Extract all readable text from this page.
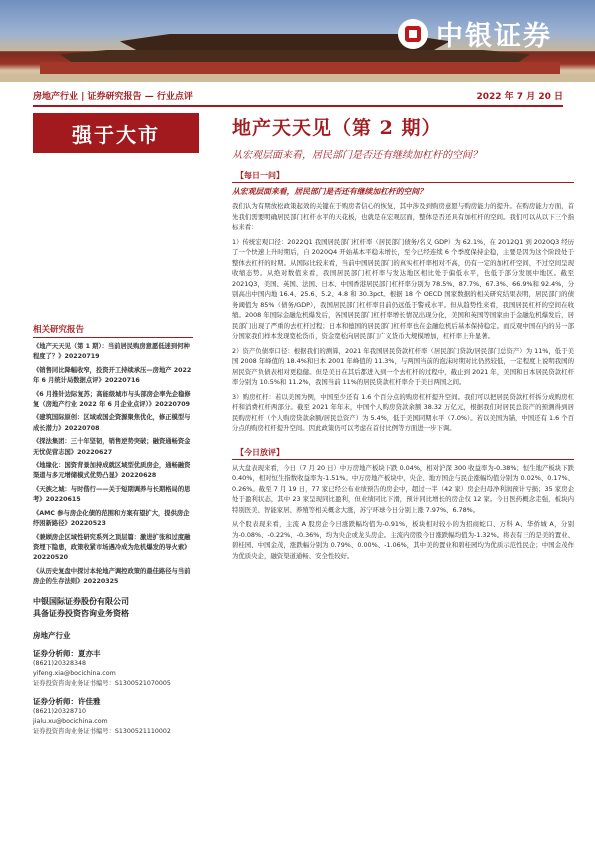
中银证券
房地产行业 | 证券研究报告 — 行业点评	2022 年 7 月 20 日
强于大市
相关研究报告
《地产天天见（第 1 期）：当前居民购房意愿低迷到何种程度了？》20220719
《销售同比降幅收窄，投资开工持续承压—房地产 2022 年 6 月统计局数据点评》20220716
《6 月推针边际复苏；高能级城市与头部房企率先企稳修复（房地产行业 2022 年 6 月企业点评）》20220709
《建筑国际原创：区域或国企资源聚焦优化，修正模型与成长潜力》20220708
《探法集团：三十年坚韧，销售逆势突破；融资通畅资金无忧促营志国》20220627
《地缘化：国资背景加持成就区域型优质房企，通畅融资渠道与多元增储模式优势凸显》20220628
《天族之城：与时偕行——关于短期调养与长期格局的思考》20220615
《AMC 参与房企化债的范围和方案有望扩大，提供房企纾困新路径》20220523
《兼顾房企区域性研究系列之顶层篇：激进扩张和过度融资埋下隐患，政策收紧市场遇冷成为危机爆发的导火索》20220520
《从历史复盘中探讨本轮地产调控政策的最佳路径与当前房企的生存法则》20220325
中银国际证券股份有限公司
具备证券投资咨询业务资格
房地产行业
证券分析师：夏亦丰
(8621)20328348
yifeng.xia@bocichina.com
证券投资咨询业务证书编号：S1300521070005
证券分析师：许佳雅
(8621)20328710
jialu.xu@bocichina.com
证券投资咨询业务证书编号：S1300521110002
地产天天见（第 2 期）
从宏观层面来看，居民部门是否还有继续加杠杆的空间？
【每日一问】
从宏观层面来看，居民部门是否还有继续加杠杆的空间？

我们认为有期放松政策起效的关键在于购房者信心的恢复，其中涉及到购房意愿与购房能力的提升。在购房能力方面，首先我们需要明确居民部门杠杆水平的天花板，也就是在宏观层面，整体是否还具有加杠杆的空间。我们可以从以下三个指标来看：

1）传统宏观口径：2022Q1 我国居民部门杠杆率（居民部门债务/名义 GDP）为 62.1%，在 2012Q1 到 2020Q3 经历了一个快速上升时期后，自 2020Q4 开始基本平稳未增长，至今已经连续 6 个季度保持企稳，主要是因为这个阶段处于整体去杠杆的时期。从国际比较来看，当前中国居民部门的真实杠杆率相对不高，仍有一定的加杠杆空间，不过空间呈现收缩态势。从绝对数值来看，我国居民部门杠杆率与发达地区相比处于偏低水平，也低于部分发展中地区。截至 2021Q3，美国、英国、法国、日本、中国香港居民部门杠杆率分别为 78.5%、87.7%、67.3%、66.9%和 92.4%，分别高出中国内地 16.4、25.6、5.2、4.8 和 30.3pct。根据 18 个 OECD 国家数据的相关研究结果表明，居民部门的债务阈值为 85%（债务/GDP），我国居民部门杠杆率目前仍远低于警戒水平。但从趋势性来看，我国居民杠杆的空间在收缩。2008 年国际金融危机爆发后，各国居民部门杠杆率增长情况出现分化，美国和英国等国家由于金融危机爆发后，居民部门出现了严重的去杠杆过程；日本和德国的居民部门杠杆率也在金融危机后基本保持稳定。而反观中国在内的另一部分国家我们样本发现宽松货币，资金宽松向居民部门广义货币大规模增加，杠杆率上升显著。

2）资产负债率口径：根据我们的测算，2021 年我国居民贷款杠杆率（居民部门贷款/居民部门总资产）为 11%，低于美国 2008 年峰值的 18.4%和日本 2001 年峰值的 11.3%，与两国当前的泡沫时期对比仍然较低，一定程度上说明我国的居民资产负债表相对更稳健。但是美日在其后都进入到一个去杠杆的过程中，截止到 2021 年，美国和日本居民贷款杠杆率分别为 10.5%和 11.2%，我国当前 11%的居民贷款杠杆率介于美日两国之间。

3）购房杠杆：若以美国为例，中国至少还有 1.6 个百分点的购房杠杆提升空间。我们可以把居民贷款杠杆拆分成购房杠杆和消费杠杆两部分。截至 2021 年年末，中国个人购房贷款余额 38.32 万亿元，根据我们对居民总资产的预测得到居民购房杠杆（个人购房贷款余额/居民总资产）为 5.4%，低于美国同期水平（7.0%）。若以美国为锚，中国还有 1.6 个百分点的购房杠杆提升空间。因此政策仍可以考虑在首付比例等方面进一步下调。

【今日放评】

从大盘表现来看，今日（7 月 20 日）中万房地产板块下跌 0.04%，相对沪深 300 收益率为-0.38%；恒生地产板块下跌 0.40%，相对恒生指数收益率为-1.51%。中万房地产板块中，央企、地方国企与民企涨幅均值分别为 0.02%、0.17%、0.26%。截至 7 月 19 日，77 家已经公布业绩预告的房企中，超过一半（42 家）房企归母净利润预计亏损；35 家房企处于盈利状态，其中 23 家呈现同比盈利，但业绩同比下滑，预计同比增长的房企仅 12 家。今日医药概念走强，板块内特别医美、智能家居、养殖等相关概念大涨，苏宁环球今日分别上涨 7.97%、6.78%。

从个股表现来看，主流 A 股房企今日涨跌幅均值为-0.91%，板块相对较小的为招商蛇口、万科 A、华侨城 A，分别为-0.08%、-0.22%、-0.36%，均为央企或龙头房企。主流内房股今日涨跌幅均值为-1.32%。将表有三的是美的置业、碧桂园、中国金茂，涨跌幅分别为 0.79%、0.00%、-1.06%，其中美的置业和碧桂园均为优质示范性民企；中国金茂作为优质央企，融资渠道通畅、安全性较好。
